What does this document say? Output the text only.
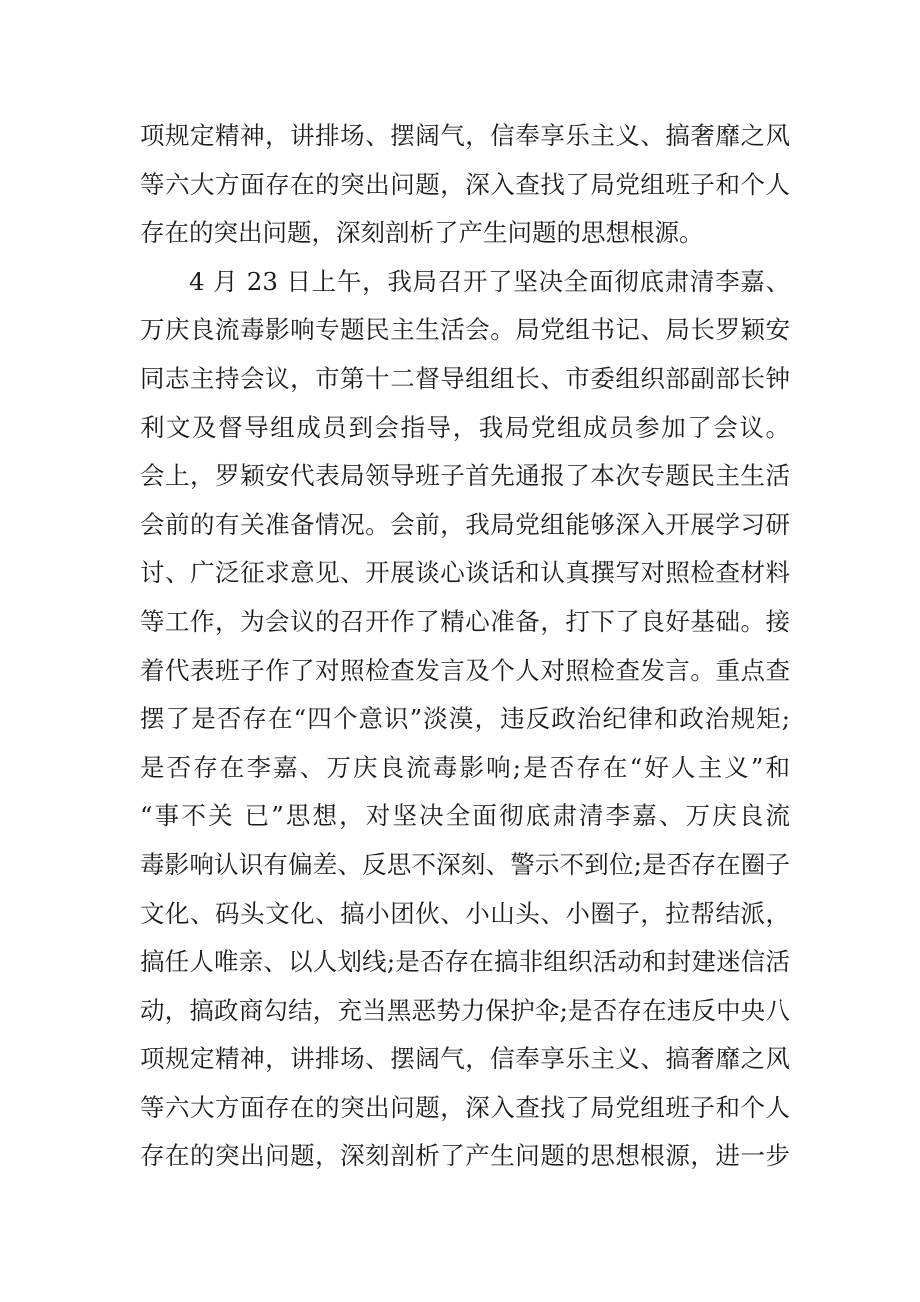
项规定精神，讲排场、摆阔气，信奉享乐主义、搞奢靡之风
等六大方面存在的突出问题，深入查找了局党组班子和个人
存在的突出问题，深刻剖析了产生问题的思想根源。
4 月 23 日上午，我局召开了坚决全面彻底肃清李嘉、
万庆良流毒影响专题民主生活会。局党组书记、局长罗颖安
同志主持会议，市第十二督导组组长、市委组织部副部长钟
利文及督导组成员到会指导，我局党组成员参加了会议。
会上，罗颖安代表局领导班子首先通报了本次专题民主生活
会前的有关准备情况。会前，我局党组能够深入开展学习研
讨、广泛征求意见、开展谈心谈话和认真撰写对照检查材料
等工作，为会议的召开作了精心准备，打下了良好基础。接
着代表班子作了对照检查发言及个人对照检查发言。重点查
摆了是否存在“四个意识”淡漠，违反政治纪律和政治规矩;
是否存在李嘉、万庆良流毒影响;是否存在“好人主义”和
“事不关 已”思想，对坚决全面彻底肃清李嘉、万庆良流
毒影响认识有偏差、反思不深刻、警示不到位;是否存在圈子
文化、码头文化、搞小团伙、小山头、小圈子，拉帮结派，
搞任人唯亲、以人划线;是否存在搞非组织活动和封建迷信活
动，搞政商勾结，充当黑恶势力保护伞;是否存在违反中央八
项规定精神，讲排场、摆阔气，信奉享乐主义、搞奢靡之风
等六大方面存在的突出问题，深入查找了局党组班子和个人
存在的突出问题，深刻剖析了产生问题的思想根源，进一步
